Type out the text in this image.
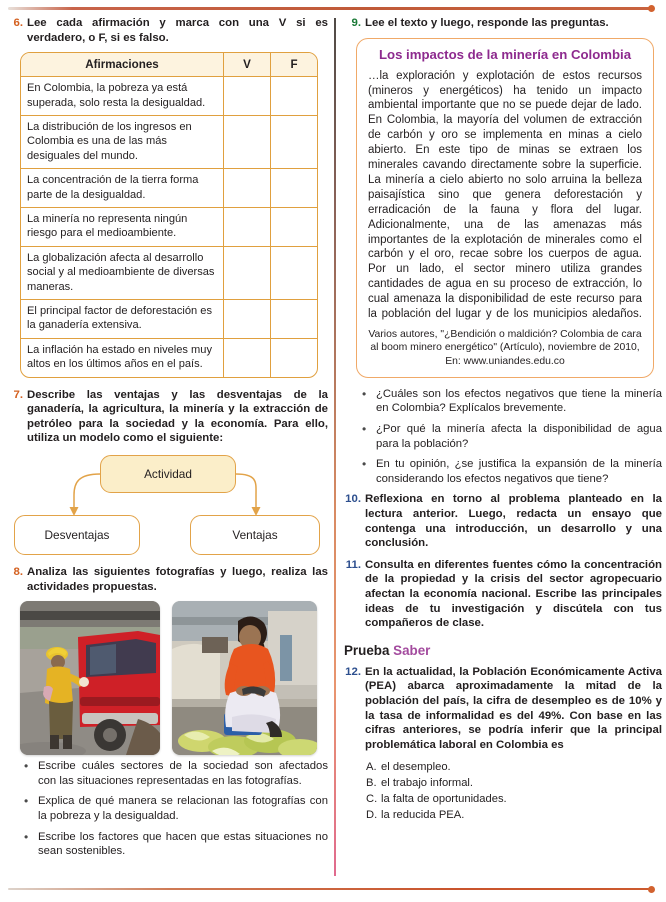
6. Lee cada afirmación y marca con una V si es verdadero, o F, si es falso.
Afirmaciones	V	F
En Colombia, la pobreza ya está superada, solo resta la desigualdad.		
La distribución de los ingresos en Colombia es una de las más desiguales del mundo.		
La concentración de la tierra forma parte de la desigualdad.		
La minería no representa ningún riesgo para el medioambiente.		
La globalización afecta al desarrollo social y al medioambiente de diversas maneras.		
El principal factor de deforestación es la ganadería extensiva.		
La inflación ha estado en niveles muy altos en los últimos años en el país.		
7. Describe las ventajas y las desventajas de la ganadería, la agricultura, la minería y la extracción de petróleo para la sociedad y la economía. Para ello, utiliza un modelo como el siguiente:
Actividad
Desventajas	Ventajas
8. Analiza las siguientes fotografías y luego, realiza las actividades propuestas.
• Escribe cuáles sectores de la sociedad son afectados con las situaciones representadas en las fotografías.
• Explica de qué manera se relacionan las fotografías con la pobreza y la desigualdad.
• Escribe los factores que hacen que estas situaciones no sean sostenibles.
9. Lee el texto y luego, responde las preguntas.
Los impactos de la minería en Colombia
…la exploración y explotación de estos recursos (mineros y energéticos) ha tenido un impacto ambiental importante que no se puede dejar de lado. En Colombia, la mayoría del volumen de extracción de carbón y oro se implementa en minas a cielo abierto. En este tipo de minas se extraen los minerales cavando directamente sobre la superficie. La minería a cielo abierto no solo arruina la belleza paisajística sino que genera deforestación y erradicación de la fauna y flora del lugar. Adicionalmente, una de las amenazas más importantes de la explotación de minerales como el carbón y el oro, recae sobre los cuerpos de agua. Por un lado, el sector minero utiliza grandes cantidades de agua en su proceso de extracción, lo cual amenaza la disponibilidad de este recurso para la población del lugar y de los municipios aledaños.
Varios autores, "¿Bendición o maldición? Colombia de cara al boom minero energético" (Artículo), noviembre de 2010, En: www.uniandes.edu.co
• ¿Cuáles son los efectos negativos que tiene la minería en Colombia? Explícalos brevemente.
• ¿Por qué la minería afecta la disponibilidad de agua para la población?
• En tu opinión, ¿se justifica la expansión de la minería considerando los efectos negativos que tiene?
10. Reflexiona en torno al problema planteado en la lectura anterior. Luego, redacta un ensayo que contenga una introducción, un desarrollo y una conclusión.
11. Consulta en diferentes fuentes cómo la concentración de la propiedad y la crisis del sector agropecuario afectan la economía nacional. Escribe las principales ideas de tu investigación y discútela con tus compañeros de clase.
Prueba Saber
12. En la actualidad, la Población Económicamente Activa (PEA) abarca aproximadamente la mitad de la población del país, la cifra de desempleo es de 10% y la tasa de informalidad es del 49%. Con base en las cifras anteriores, se podría inferir que la principal problemática laboral en Colombia es
A. el desempleo.
B. el trabajo informal.
C. la falta de oportunidades.
D. la reducida PEA.
